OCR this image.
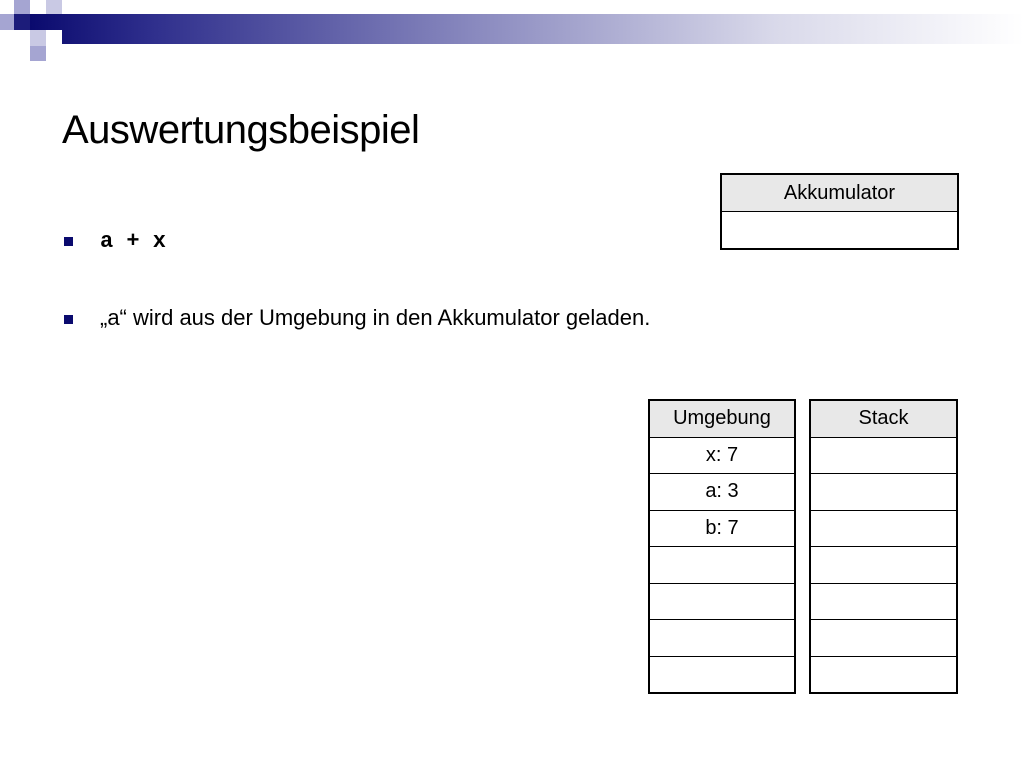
Auswertungsbeispiel
a + x
„a“ wird aus der Umgebung in den Akkumulator geladen.
Akkumulator

Umgebung
x: 7
a: 3
b: 7

Stack
